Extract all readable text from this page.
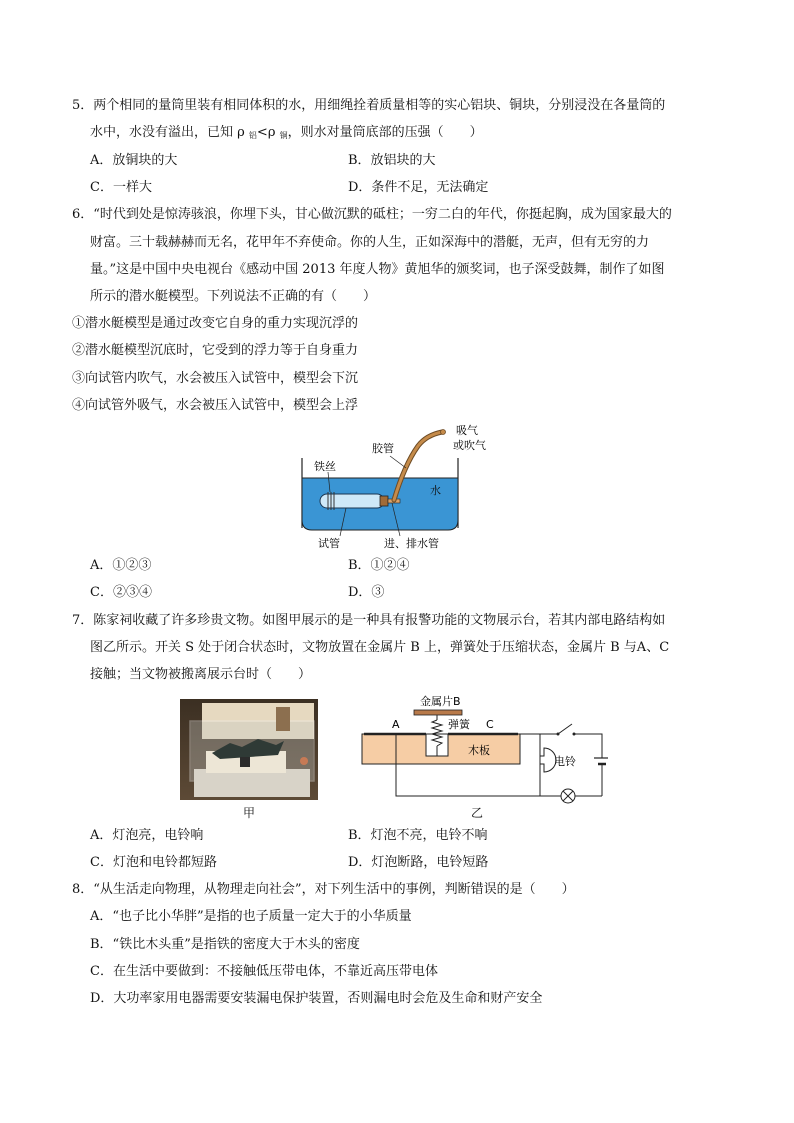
5．两个相同的量筒里装有相同体积的水，用细绳拴着质量相等的实心铝块、铜块，分别浸没在各量筒的
水中，水没有溢出，已知 ρ $_铝$<ρ $_铜$，则水对量筒底部的压强（　　）
A．放铜块的大	B．放铝块的大
C．一样大	D．条件不足，无法确定
6．“时代到处是惊涛骇浪，你埋下头，甘心做沉默的砥柱；一穷二白的年代，你挺起胸，成为国家最大的
财富。三十载赫赫而无名，花甲年不弃使命。你的人生，正如深海中的潜艇，无声，但有无穷的力
量。”这是中国中央电视台《感动中国 2013 年度人物》黄旭华的颁奖词，也子深受鼓舞，制作了如图
所示的潜水艇模型。下列说法不正确的有（　　）
①潜水艇模型是通过改变它自身的重力实现沉浮的
②潜水艇模型沉底时，它受到的浮力等于自身重力
③向试管内吹气，水会被压入试管中，模型会下沉
④向试管外吸气，水会被压入试管中，模型会上浮
吸气
或吹气
胶管
铁丝
水
试管	进、排水管
A．①②③	B．①②④
C．②③④	D．③
7．陈家祠收藏了许多珍贵文物。如图甲展示的是一种具有报警功能的文物展示台，若其内部电路结构如
图乙所示。开关 S 处于闭合状态时，文物放置在金属片 B 上，弹簧处于压缩状态，金属片 B 与A、C
接触；当文物被搬离展示台时（　　）
甲
金属片B
A	C
弹簧
木板
电铃
乙
A．灯泡亮，电铃响	B．灯泡不亮，电铃不响
C．灯泡和电铃都短路	D．灯泡断路，电铃短路
8．“从生活走向物理，从物理走向社会”，对下列生活中的事例，判断错误的是（　　）
A．“也子比小华胖”是指的也子质量一定大于的小华质量
B．“铁比木头重”是指铁的密度大于木头的密度
C．在生活中要做到：不接触低压带电体，不靠近高压带电体
D．大功率家用电器需要安装漏电保护装置，否则漏电时会危及生命和财产安全
